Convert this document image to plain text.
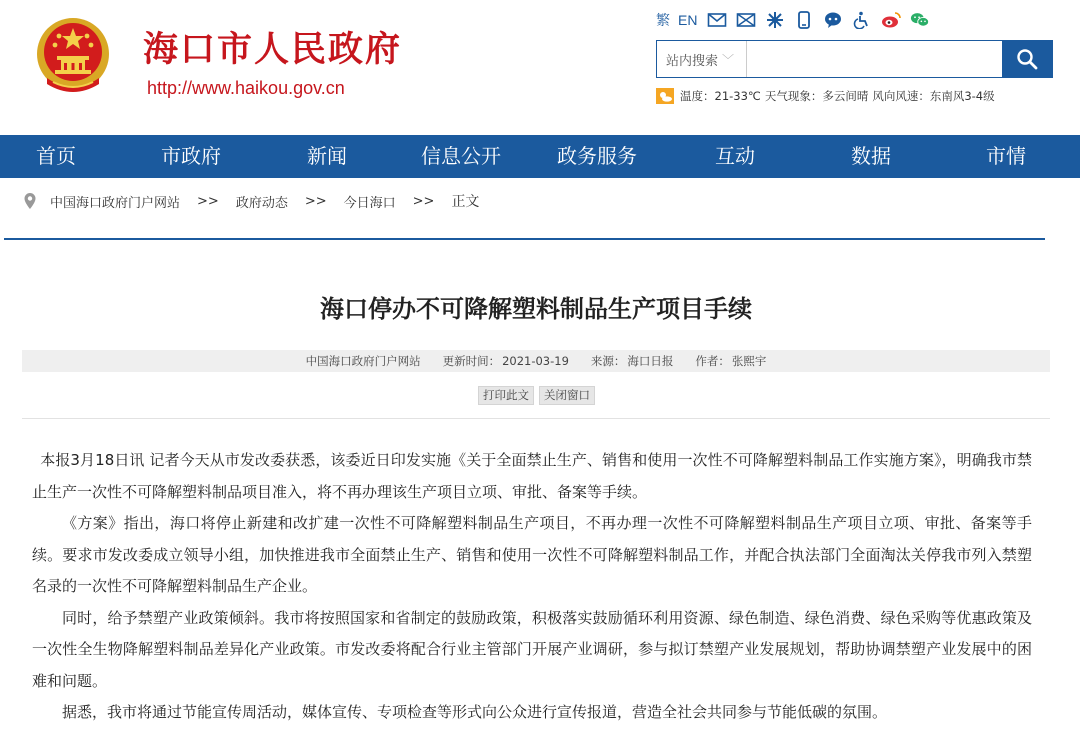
海口市人民政府
http://www.haikou.gov.cn
繁 EN
站内搜索 ﹀
温度：21-33℃ 天气现象：多云间晴 风向风速：东南风3-4级
首页	市政府	新闻	信息公开	政务服务	互动	数据	市情
中国海口政府门户网站 >> 政府动态 >> 今日海口 >> 正文
海口停办不可降解塑料制品生产项目手续
中国海口政府门户网站 更新时间： 2021-03-19 来源： 海口日报 作者： 张熙宇
打印此文	关闭窗口

本报3月18日讯 记者今天从市发改委获悉，该委近日印发实施《关于全面禁止生产、销售和使用一次性不可降解塑料制品工作实施方案》，明确我市禁止生产一次性不可降解塑料制品项目准入，将不再办理该生产项目立项、审批、备案等手续。

《方案》指出，海口将停止新建和改扩建一次性不可降解塑料制品生产项目，不再办理一次性不可降解塑料制品生产项目立项、审批、备案等手续。要求市发改委成立领导小组，加快推进我市全面禁止生产、销售和使用一次性不可降解塑料制品工作，并配合执法部门全面淘汰关停我市列入禁塑名录的一次性不可降解塑料制品生产企业。

同时，给予禁塑产业政策倾斜。我市将按照国家和省制定的鼓励政策，积极落实鼓励循环利用资源、绿色制造、绿色消费、绿色采购等优惠政策及一次性全生物降解塑料制品差异化产业政策。市发改委将配合行业主管部门开展产业调研，参与拟订禁塑产业发展规划，帮助协调禁塑产业发展中的困难和问题。

据悉，我市将通过节能宣传周活动，媒体宣传、专项检查等形式向公众进行宣传报道，营造全社会共同参与节能低碳的氛围。
